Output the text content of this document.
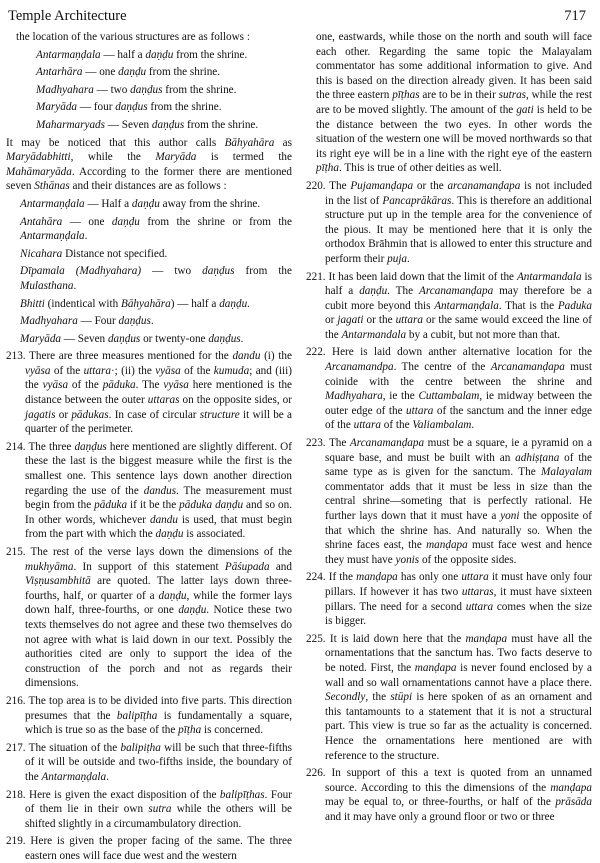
Temple Architecture	717

the location of the various structures are as follows :

Antarmaṇḍala — half a daṇḍu from the shrine.

Antarhāra — one daṇḍu from the shrine.

Madhyahara — two daṇḍus from the shrine.

Maryāda — four daṇḍus from the shrine.

Maharmaryads — Seven daṇḍus from the shrine.

It may be noticed that this author calls Bāhyahāra as Maryādabhitti, while the Maryāda is termed the Mahāmaryāda. According to the former there are mentioned seven Sthānas and their distances are as follows :

Antarmaṇḍala — Half a daṇḍu away from the shrine.

Antahāra — one daṇḍu from the shrine or from the Antarmaṇḍala.

Nicahara Distance not specified.

Dīpamala (Madhyahara) — two daṇḍus from the Mulasthana.

Bhitti (indentical with Bāhyahāra) — half a daṇḍu.

Madhyahara — Four daṇḍus.

Maryāda — Seven daṇḍus or twenty-one daṇḍus.

213. There are three measures mentioned for the dandu (i) the vyāsa of the uttara·; (ii) the vyāsa of the kumuda; and (iii) the vyāsa of the pāduka. The vyāsa here mentioned is the distance between the outer uttaras on the opposite sides, or jagatis or pādukas. In case of circular structure it will be a quarter of the perimeter.

214. The three daṇḍus here mentioned are slightly different. Of these the last is the biggest measure while the first is the smallest one. This sentence lays down another direction regarding the use of the dandus. The measurement must begin from the pāduka if it be the pāduka daṇḍu and so on. In other words, whichever dandu is used, that must begin from the part with which the daṇḍu is associated.

215. The rest of the verse lays down the dimensions of the mukhyāma. In support of this statement Pāśupada and Viṣṇusambhitā are quoted. The latter lays down three-fourths, half, or quarter of a daṇḍu, while the former lays down half, three-fourths, or one daṇḍu. Notice these two texts themselves do not agree and these two themselves do not agree with what is laid down in our text. Possibly the authorities cited are only to support the idea of the construction of the porch and not as regards their dimensions.

216. The top area is to be divided into five parts. This direction presumes that the balipīṭha is fundamentally a square, which is true so as the base of the pīṭha is concerned.

217. The situation of the balipiṭha will be such that three-fifths of it will be outside and two-fifths inside, the boundary of the Antarmaṇḍala.

218. Here is given the exact disposition of the balipīṭhas. Four of them lie in their own sutra while the others will be shifted slightly in a circumambulatory direction.

219. Here is given the proper facing of the same. The three eastern ones will face due west and the western

one, eastwards, while those on the north and south will face each other. Regarding the same topic the Malayalam commentator has some additional information to give. And this is based on the direction already given. It has been said the three eastern pīṭhas are to be in their sutras, while the rest are to be moved slightly. The amount of the gati is held to be the distance between the two eyes. In other words the situation of the western one will be moved northwards so that its right eye will be in a line with the right eye of the eastern pīṭha. This is true of other deities as well.

220. The Pujamanḍapa or the arcanamanḍapa is not included in the list of Pancaprākāras. This is therefore an additional structure put up in the temple area for the convenience of the pious. It may be mentioned here that it is only the orthodox Brāhmin that is allowed to enter this structure and perform their puja.

221. It has been laid down that the limit of the Antarmandala is half a daṇḍu. The Arcanamanḍapa may therefore be a cubit more beyond this Antarmaṇḍala. That is the Paduka or jagati or the uttara or the same would exceed the line of the Antarmandala by a cubit, but not more than that.

222. Here is laid down anther alternative location for the Arcanamandpa. The centre of the Arcanamanḍapa must coinide with the centre between the shrine and Madhyahara, ie the Cuttambalam, ie midway between the outer edge of the uttara of the sanctum and the inner edge of the uttara of the Valiambalam.

223. The Arcanamanḍapa must be a square, ie a pyramid on a square base, and must be built with an adhiṣṭana of the same type as is given for the sanctum. The Malayalam commentator adds that it must be less in size than the central shrine—someting that is perfectly rational. He further lays down that it must have a yoni the opposite of that which the shrine has. And naturally so. When the shrine faces east, the manḍapa must face west and hence they must have yonis of the opposite sides.

224. If the manḍapa has only one uttara it must have only four pillars. If however it has two uttaras, it must have sixteen pillars. The need for a second uttara comes when the size is bigger.

225. It is laid down here that the manḍapa must have all the ornamentations that the sanctum has. Two facts deserve to be noted. First, the manḍapa is never found enclosed by a wall and so wall ornamentations cannot have a place there. Secondly, the stūpi is here spoken of as an ornament and this tantamounts to a statement that it is not a structural part. This view is true so far as the actuality is concerned. Hence the ornamentations here mentioned are with reference to the structure.

226. In support of this a text is quoted from an unnamed source. According to this the dimensions of the manḍapa may be equal to, or three-fourths, or half of the prāsāda and it may have only a ground floor or two or three
